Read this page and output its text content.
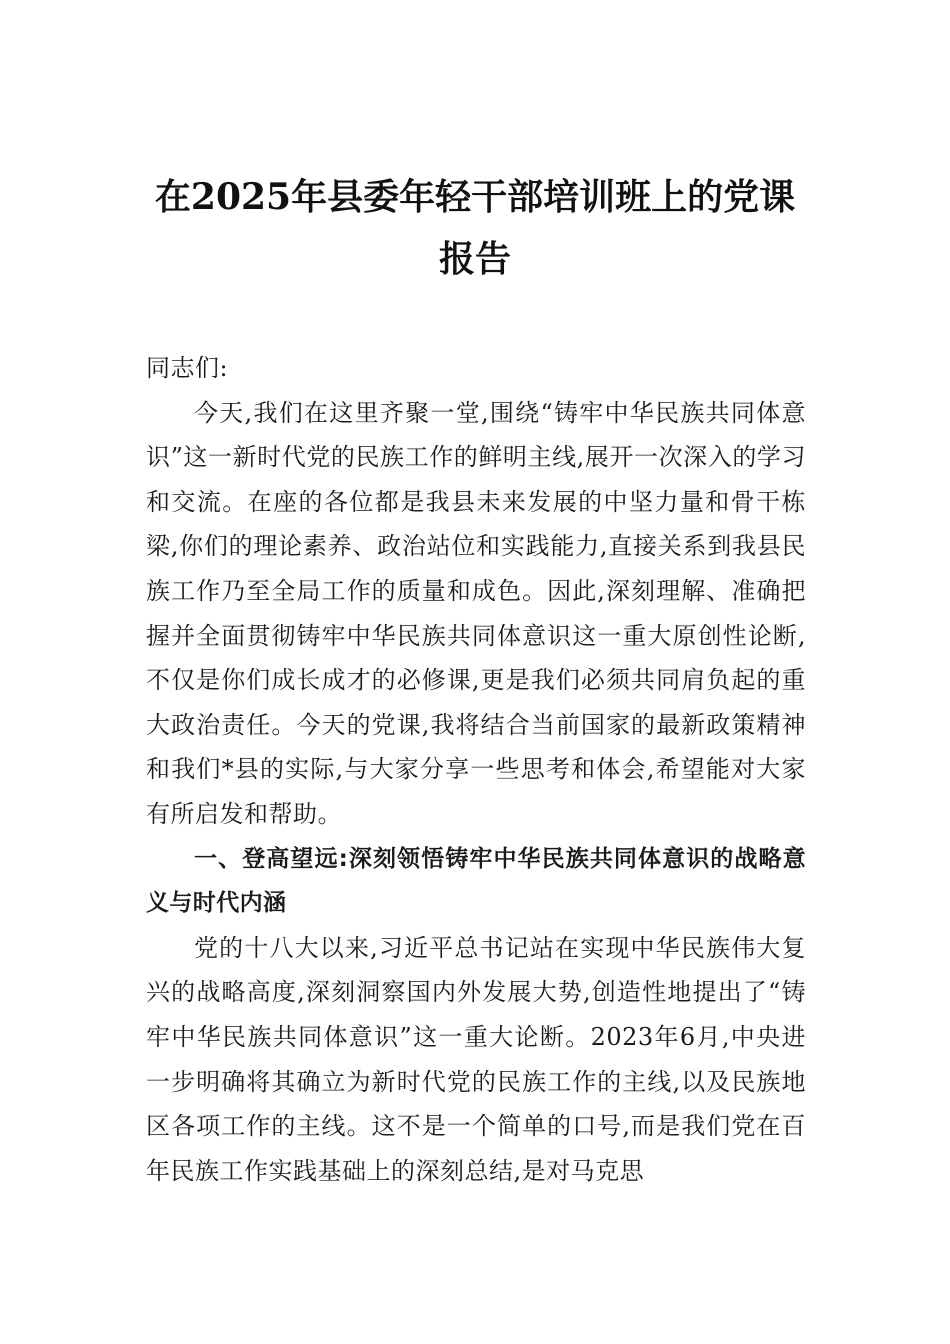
在2025年县委年轻干部培训班上的党课报告

同志们:

今天,我们在这里齐聚一堂,围绕“铸牢中华民族共同体意识”这一新时代党的民族工作的鲜明主线,展开一次深入的学习和交流。在座的各位都是我县未来发展的中坚力量和骨干栋梁,你们的理论素养、政治站位和实践能力,直接关系到我县民族工作乃至全局工作的质量和成色。因此,深刻理解、准确把握并全面贯彻铸牢中华民族共同体意识这一重大原创性论断,不仅是你们成长成才的必修课,更是我们必须共同肩负起的重大政治责任。今天的党课,我将结合当前国家的最新政策精神和我们*县的实际,与大家分享一些思考和体会,希望能对大家有所启发和帮助。

一、登高望远:深刻领悟铸牢中华民族共同体意识的战略意义与时代内涵

党的十八大以来,习近平总书记站在实现中华民族伟大复兴的战略高度,深刻洞察国内外发展大势,创造性地提出了“铸牢中华民族共同体意识”这一重大论断。2023年6月,中央进一步明确将其确立为新时代党的民族工作的主线,以及民族地区各项工作的主线。这不是一个简单的口号,而是我们党在百年民族工作实践基础上的深刻总结,是对马克思
